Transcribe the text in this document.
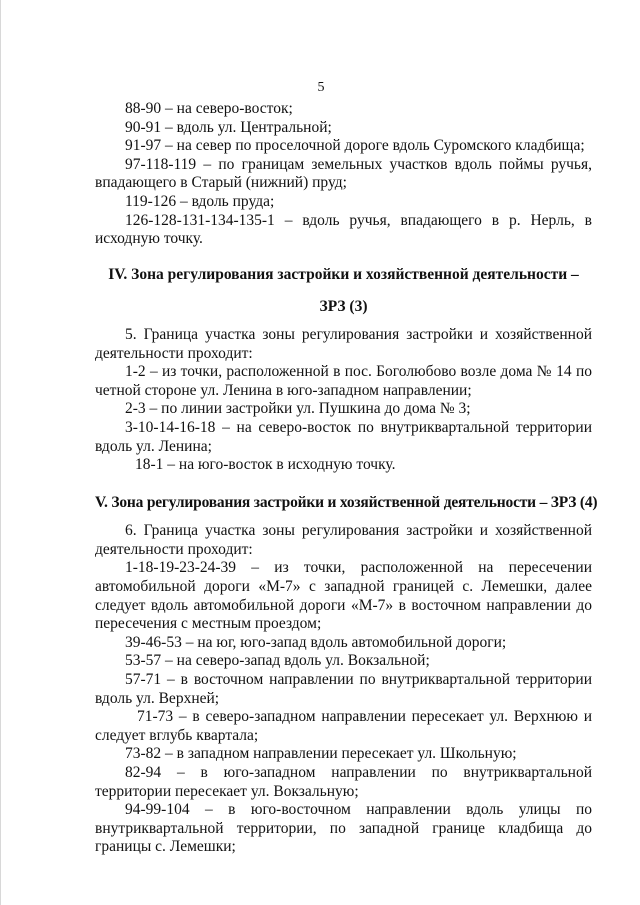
5

88-90 – на северо-восток;

90-91 – вдоль ул. Центральной;

91-97 – на север по проселочной дороге вдоль Суромского кладбища;

97-118-119 – по границам земельных участков вдоль поймы ручья, впадающего в Старый (нижний) пруд;

119-126 – вдоль пруда;

126-128-131-134-135-1 – вдоль ручья, впадающего в р. Нерль, в исходную точку.

IV. Зона регулирования застройки и хозяйственной деятельности –
ЗРЗ (3)

5. Граница участка зоны регулирования застройки и хозяйственной деятельности проходит:

1-2 – из точки, расположенной в пос. Боголюбово возле дома № 14 по четной стороне ул. Ленина в юго-западном направлении;

2-3 – по линии застройки ул. Пушкина до дома № 3;

3-10-14-16-18 – на северо-восток по внутриквартальной территории вдоль ул. Ленина;

18-1 – на юго-восток в исходную точку.

V. Зона регулирования застройки и хозяйственной деятельности – ЗРЗ (4)

6. Граница участка зоны регулирования застройки и хозяйственной деятельности проходит:

1-18-19-23-24-39 – из точки, расположенной на пересечении автомобильной дороги «М-7» с западной границей с. Лемешки, далее следует вдоль автомобильной дороги «М-7» в восточном направлении до пересечения с местным проездом;

39-46-53 – на юг, юго-запад вдоль автомобильной дороги;

53-57 – на северо-запад вдоль ул. Вокзальной;

57-71 – в восточном направлении по внутриквартальной территории вдоль ул. Верхней;

71-73 – в северо-западном направлении пересекает ул. Верхнюю и следует вглубь квартала;

73-82 – в западном направлении пересекает ул. Школьную;

82-94 – в юго-западном направлении по внутриквартальной территории пересекает ул. Вокзальную;

94-99-104 – в юго-восточном направлении вдоль улицы по внутриквартальной территории, по западной границе кладбища до границы с. Лемешки;
